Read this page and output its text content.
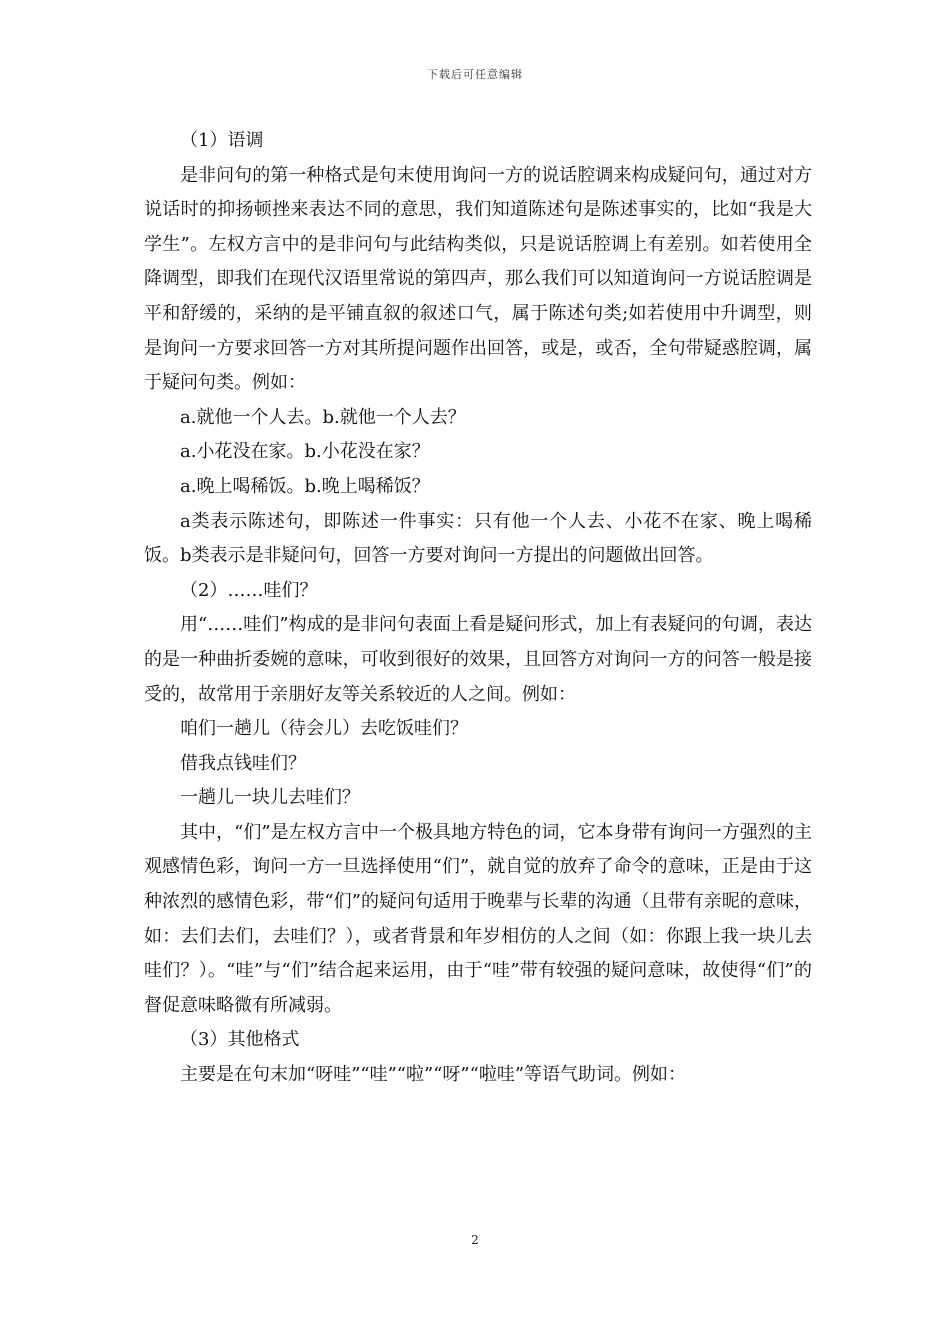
下载后可任意编辑

（1）语调

是非问句的第一种格式是句末使用询问一方的说话腔调来构成疑问句，通过对方说话时的抑扬顿挫来表达不同的意思，我们知道陈述句是陈述事实的，比如“我是大学生”。左权方言中的是非问句与此结构类似，只是说话腔调上有差别。如若使用全降调型，即我们在现代汉语里常说的第四声，那么我们可以知道询问一方说话腔调是平和舒缓的，采纳的是平铺直叙的叙述口气，属于陈述句类;如若使用中升调型，则是询问一方要求回答一方对其所提问题作出回答，或是，或否，全句带疑惑腔调，属于疑问句类。例如：

a.就他一个人去。b.就他一个人去？

a.小花没在家。b.小花没在家？

a.晚上喝稀饭。b.晚上喝稀饭？

a类表示陈述句，即陈述一件事实：只有他一个人去、小花不在家、晚上喝稀饭。b类表示是非疑问句，回答一方要对询问一方提出的问题做出回答。

（2）……哇们？

用“……哇们”构成的是非问句表面上看是疑问形式，加上有表疑问的句调，表达的是一种曲折委婉的意味，可收到很好的效果，且回答方对询问一方的问答一般是接受的，故常用于亲朋好友等关系较近的人之间。例如：

咱们一趟儿（待会儿）去吃饭哇们？

借我点钱哇们？

一趟儿一块儿去哇们？

其中，“们”是左权方言中一个极具地方特色的词，它本身带有询问一方强烈的主观感情色彩，询问一方一旦选择使用“们”，就自觉的放弃了命令的意味，正是由于这种浓烈的感情色彩，带“们”的疑问句适用于晚辈与长辈的沟通（且带有亲昵的意味，如：去们去们，去哇们？），或者背景和年岁相仿的人之间（如：你跟上我一块儿去哇们？）。“哇”与“们”结合起来运用，由于“哇”带有较强的疑问意味，故使得“们”的督促意味略微有所减弱。

（3）其他格式

主要是在句末加“呀哇”“哇”“啦”“呀”“啦哇”等语气助词。例如：

2
